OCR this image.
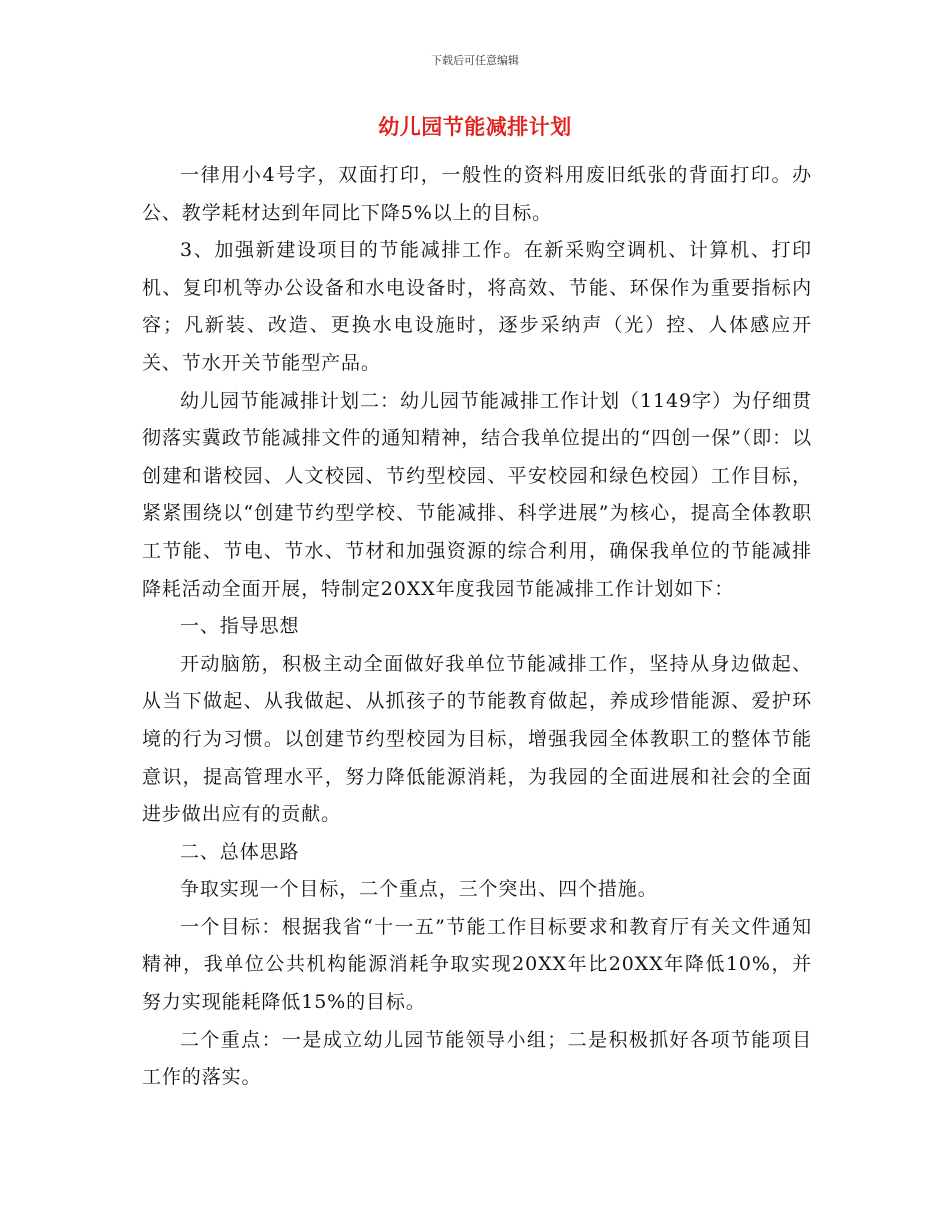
下载后可任意编辑
幼儿园节能减排计划

一律用小4号字，双面打印，一般性的资料用废旧纸张的背面打印。办公、教学耗材达到年同比下降5%以上的目标。

3、加强新建设项目的节能减排工作。在新采购空调机、计算机、打印机、复印机等办公设备和水电设备时，将高效、节能、环保作为重要指标内容；凡新装、改造、更换水电设施时，逐步采纳声（光）控、人体感应开关、节水开关节能型产品。

幼儿园节能减排计划二：幼儿园节能减排工作计划（1149字）为仔细贯彻落实冀政节能减排文件的通知精神，结合我单位提出的“四创一保”（即：以创建和谐校园、人文校园、节约型校园、平安校园和绿色校园）工作目标，紧紧围绕以“创建节约型学校、节能减排、科学进展”为核心，提高全体教职工节能、节电、节水、节材和加强资源的综合利用，确保我单位的节能减排降耗活动全面开展，特制定20XX年度我园节能减排工作计划如下：

一、指导思想

开动脑筋，积极主动全面做好我单位节能减排工作，坚持从身边做起、从当下做起、从我做起、从抓孩子的节能教育做起，养成珍惜能源、爱护环境的行为习惯。以创建节约型校园为目标，增强我园全体教职工的整体节能意识，提高管理水平，努力降低能源消耗，为我园的全面进展和社会的全面进步做出应有的贡献。

二、总体思路

争取实现一个目标，二个重点，三个突出、四个措施。

一个目标：根据我省“十一五”节能工作目标要求和教育厅有关文件通知精神，我单位公共机构能源消耗争取实现20XX年比20XX年降低10%，并努力实现能耗降低15%的目标。

二个重点：一是成立幼儿园节能领导小组；二是积极抓好各项节能项目工作的落实。
